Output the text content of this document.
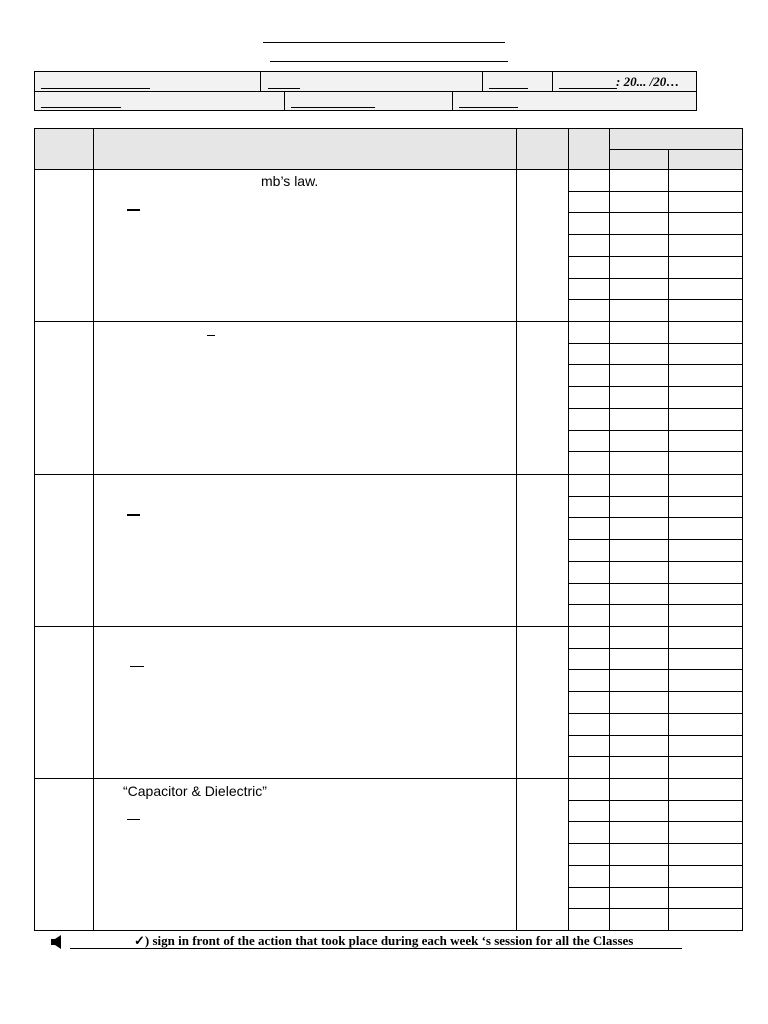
: 20... /20…
mb’s law.
“Capacitor & Dielectric”
✓) sign in front of the action that took place during each week ‘s session for all the Classes
